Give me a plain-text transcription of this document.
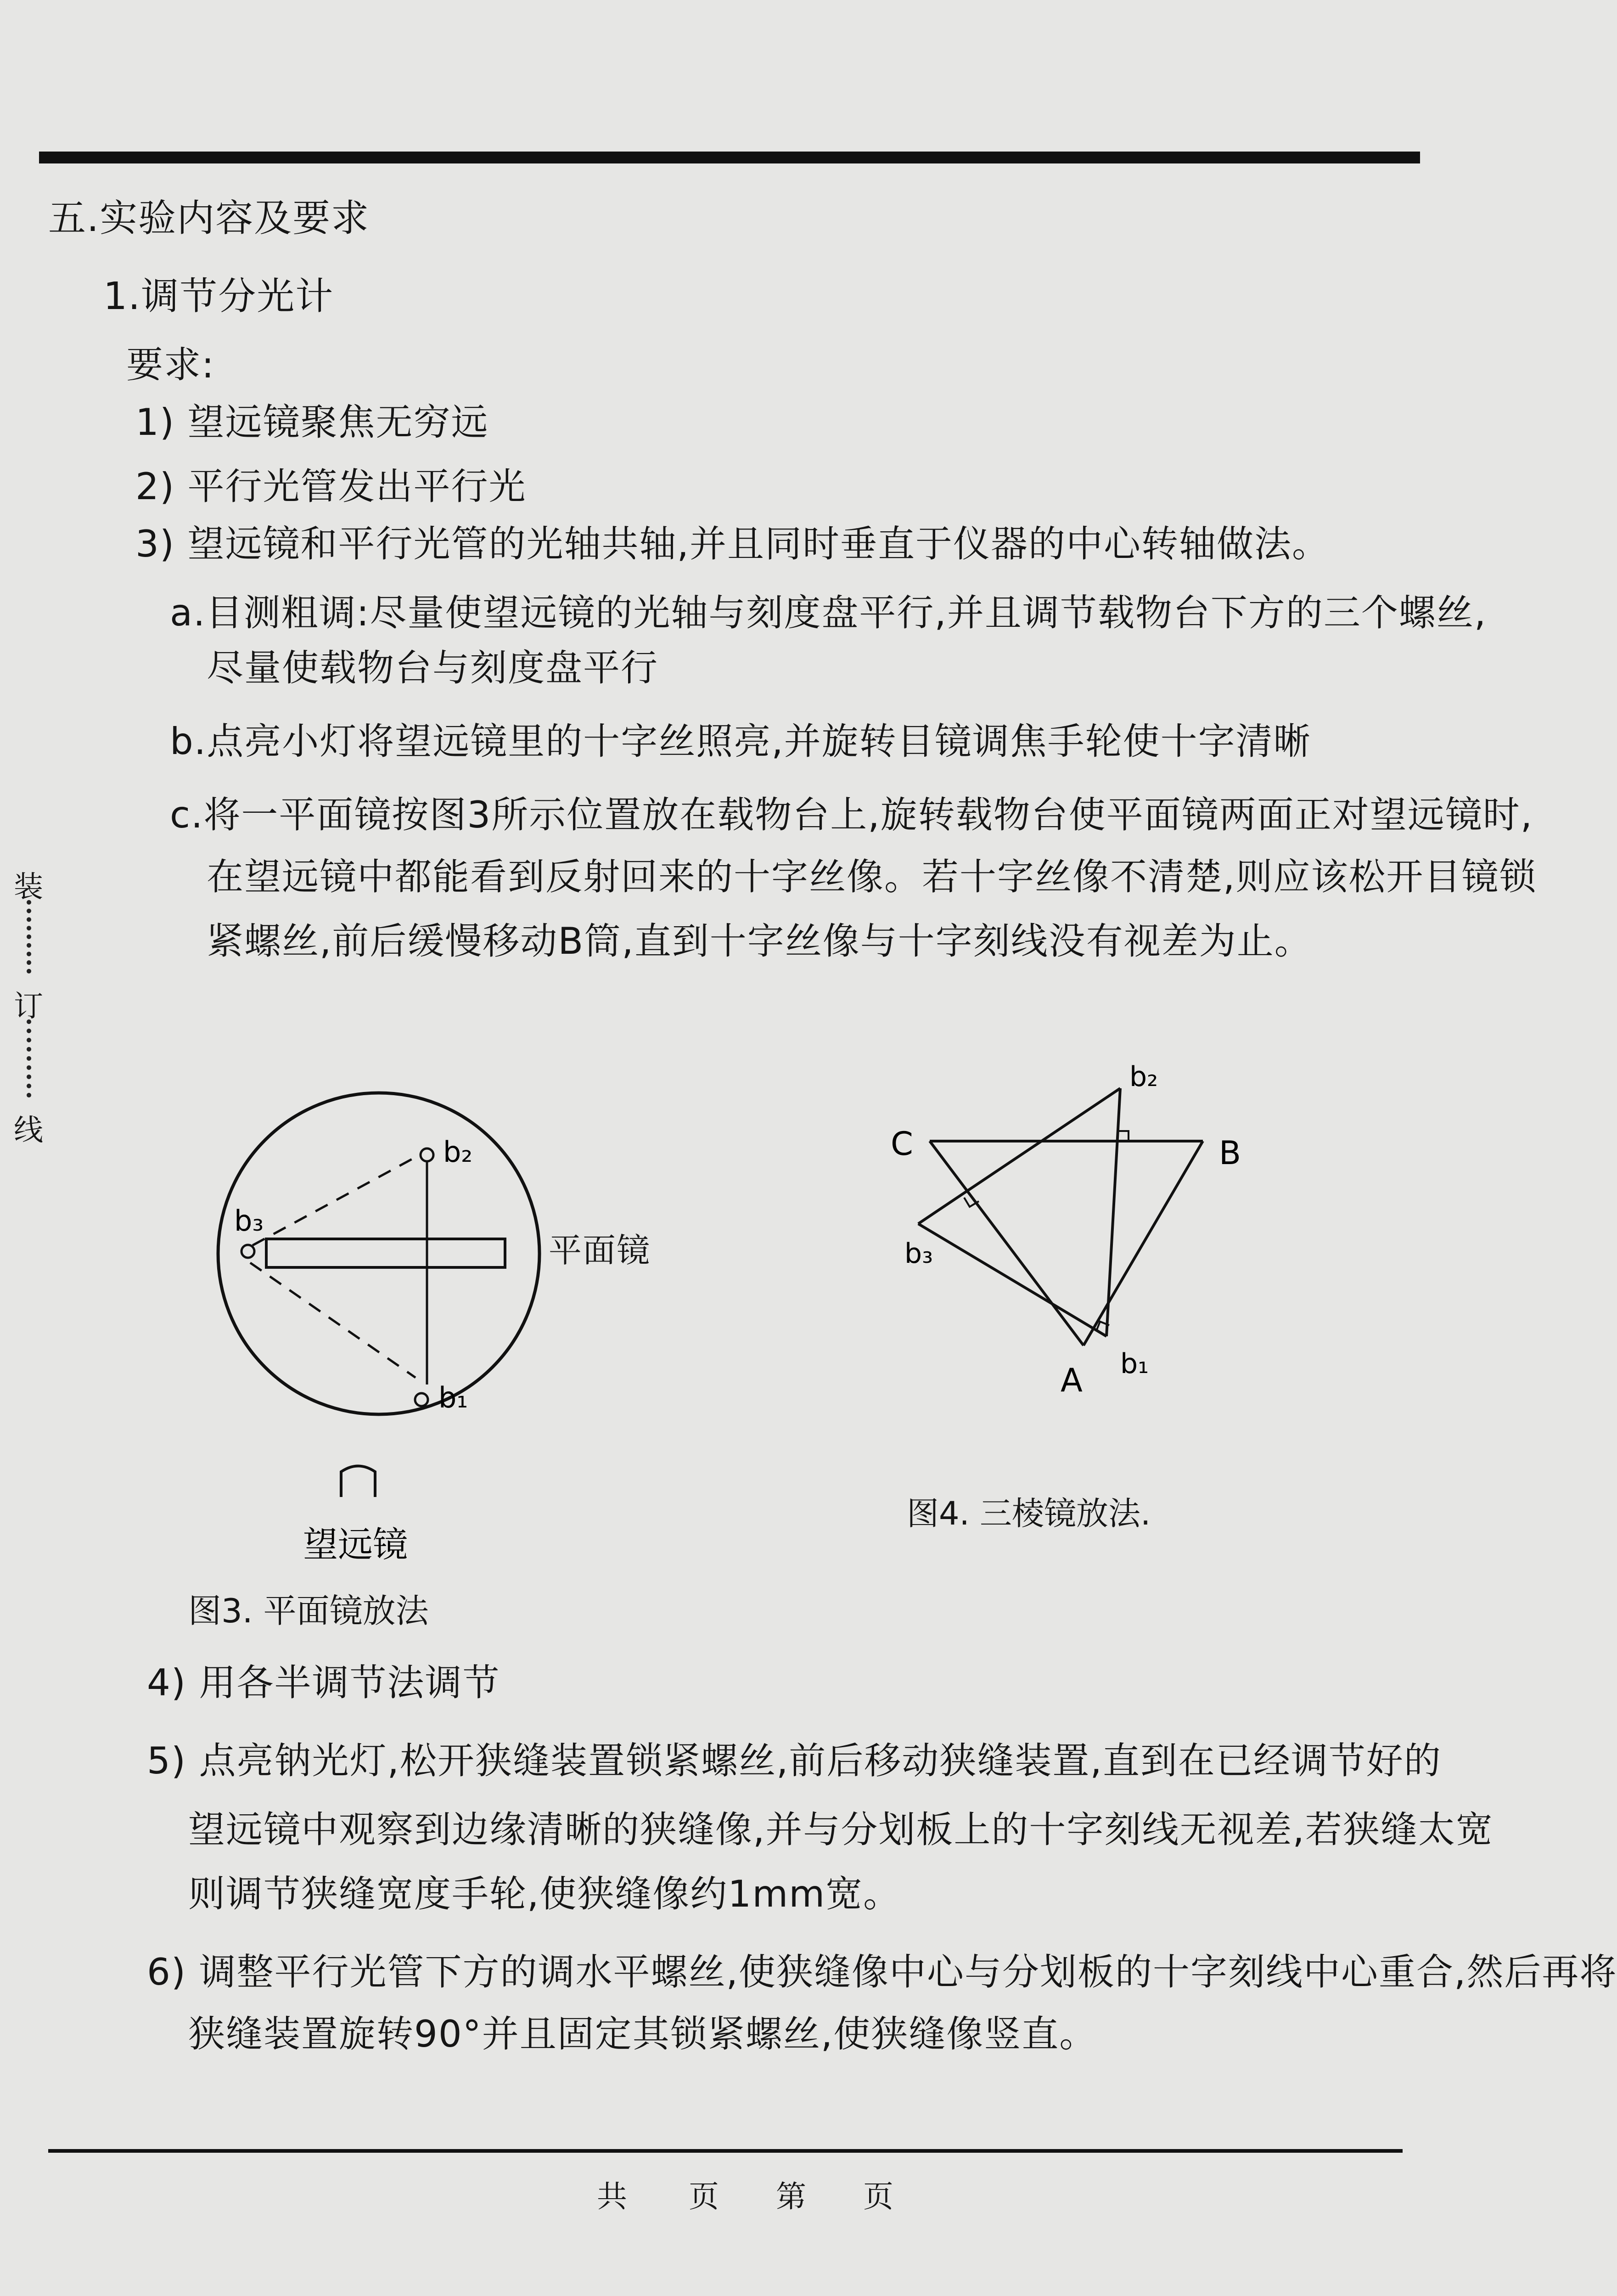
装
订
线
五.实验内容及要求
1.调节分光计
要求:
1) 望远镜聚焦无穷远
2) 平行光管发出平行光
3) 望远镜和平行光管的光轴共轴,并且同时垂直于仪器的中心转轴做法。
a.目测粗调:尽量使望远镜的光轴与刻度盘平行,并且调节载物台下方的三个螺丝,
尽量使载物台与刻度盘平行
b.点亮小灯将望远镜里的十字丝照亮,并旋转目镜调焦手轮使十字清晰
c.将一平面镜按图3所示位置放在载物台上,旋转载物台使平面镜两面正对望远镜时,
在望远镜中都能看到反射回来的十字丝像。若十字丝像不清楚,则应该松开目镜锁
紧螺丝,前后缓慢移动B筒,直到十字丝像与十字刻线没有视差为止。
b₂
b₃
b₁
望远镜
平面镜
图3. 平面镜放法
C	B
A
b₂
b₃
b₁
图4. 三棱镜放法.
4) 用各半调节法调节
5) 点亮钠光灯,松开狭缝装置锁紧螺丝,前后移动狭缝装置,直到在已经调节好的
望远镜中观察到边缘清晰的狭缝像,并与分划板上的十字刻线无视差,若狭缝太宽
则调节狭缝宽度手轮,使狭缝像约1mm宽。
6) 调整平行光管下方的调水平螺丝,使狭缝像中心与分划板的十字刻线中心重合,然后再将
狭缝装置旋转90°并且固定其锁紧螺丝,使狭缝像竖直。
共 页 第 页
